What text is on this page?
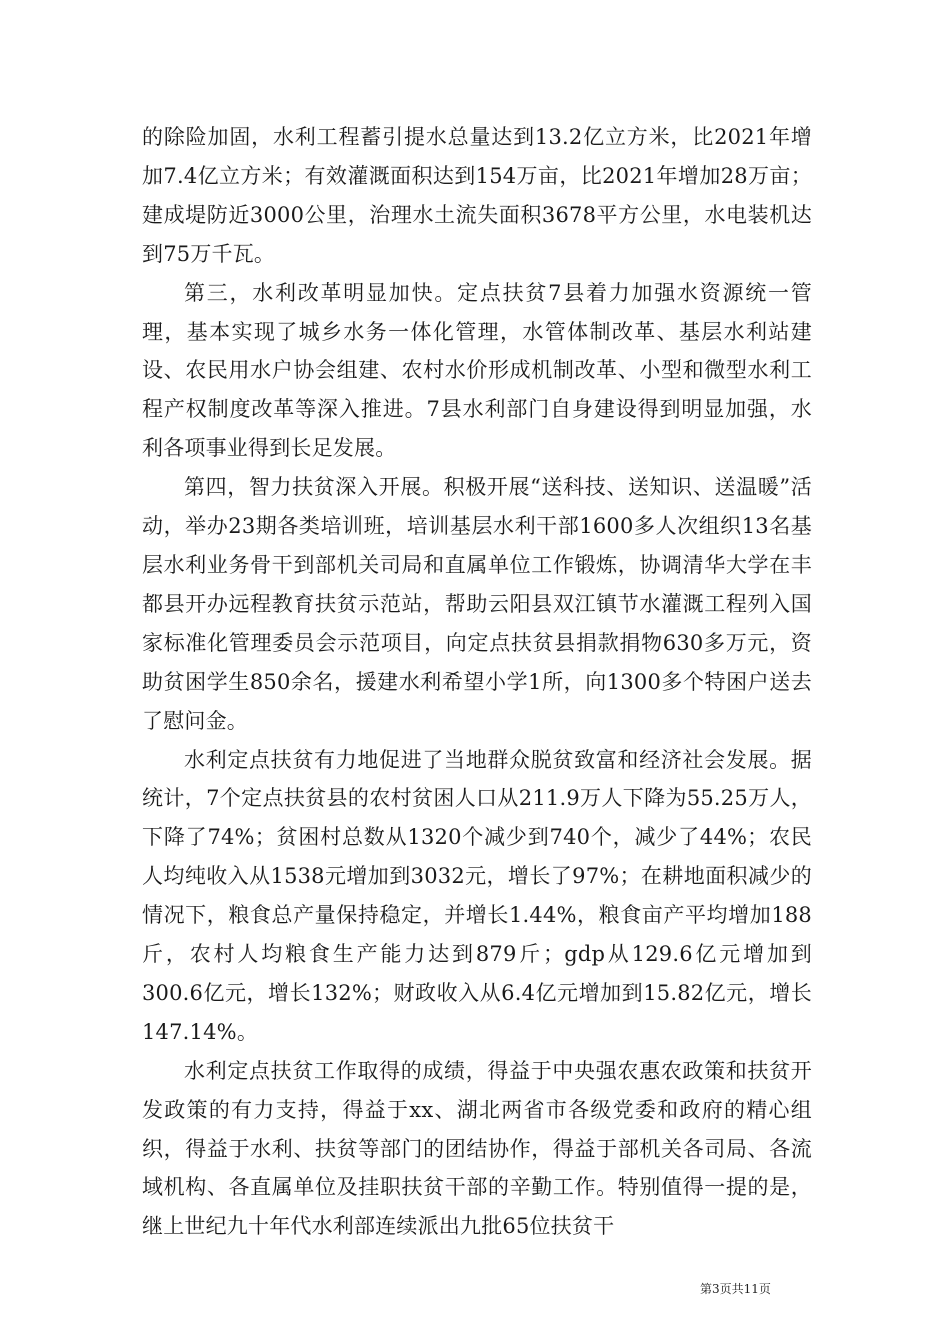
的除险加固，水利工程蓄引提水总量达到13.2亿立方米，比2021年增加7.4亿立方米；有效灌溉面积达到154万亩，比2021年增加28万亩；建成堤防近3000公里，治理水土流失面积3678平方公里，水电装机达到75万千瓦。

第三，水利改革明显加快。定点扶贫7县着力加强水资源统一管理，基本实现了城乡水务一体化管理，水管体制改革、基层水利站建设、农民用水户协会组建、农村水价形成机制改革、小型和微型水利工程产权制度改革等深入推进。7县水利部门自身建设得到明显加强，水利各项事业得到长足发展。

第四，智力扶贫深入开展。积极开展“送科技、送知识、送温暖”活动，举办23期各类培训班，培训基层水利干部1600多人次组织13名基层水利业务骨干到部机关司局和直属单位工作锻炼，协调清华大学在丰都县开办远程教育扶贫示范站，帮助云阳县双江镇节水灌溉工程列入国家标准化管理委员会示范项目，向定点扶贫县捐款捐物630多万元，资助贫困学生850余名，援建水利希望小学1所，向1300多个特困户送去了慰问金。

水利定点扶贫有力地促进了当地群众脱贫致富和经济社会发展。据统计，7个定点扶贫县的农村贫困人口从211.9万人下降为55.25万人，下降了74%；贫困村总数从1320个减少到740个，减少了44%；农民人均纯收入从1538元增加到3032元，增长了97%；在耕地面积减少的情况下，粮食总产量保持稳定，并增长1.44%，粮食亩产平均增加188斤，农村人均粮食生产能力达到879斤；gdp从129.6亿元增加到300.6亿元，增长132%；财政收入从6.4亿元增加到15.82亿元，增长147.14%。

水利定点扶贫工作取得的成绩，得益于中央强农惠农政策和扶贫开发政策的有力支持，得益于xx、湖北两省市各级党委和政府的精心组织，得益于水利、扶贫等部门的团结协作，得益于部机关各司局、各流域机构、各直属单位及挂职扶贫干部的辛勤工作。特别值得一提的是，继上世纪九十年代水利部连续派出九批65位扶贫干

第3页共11页
